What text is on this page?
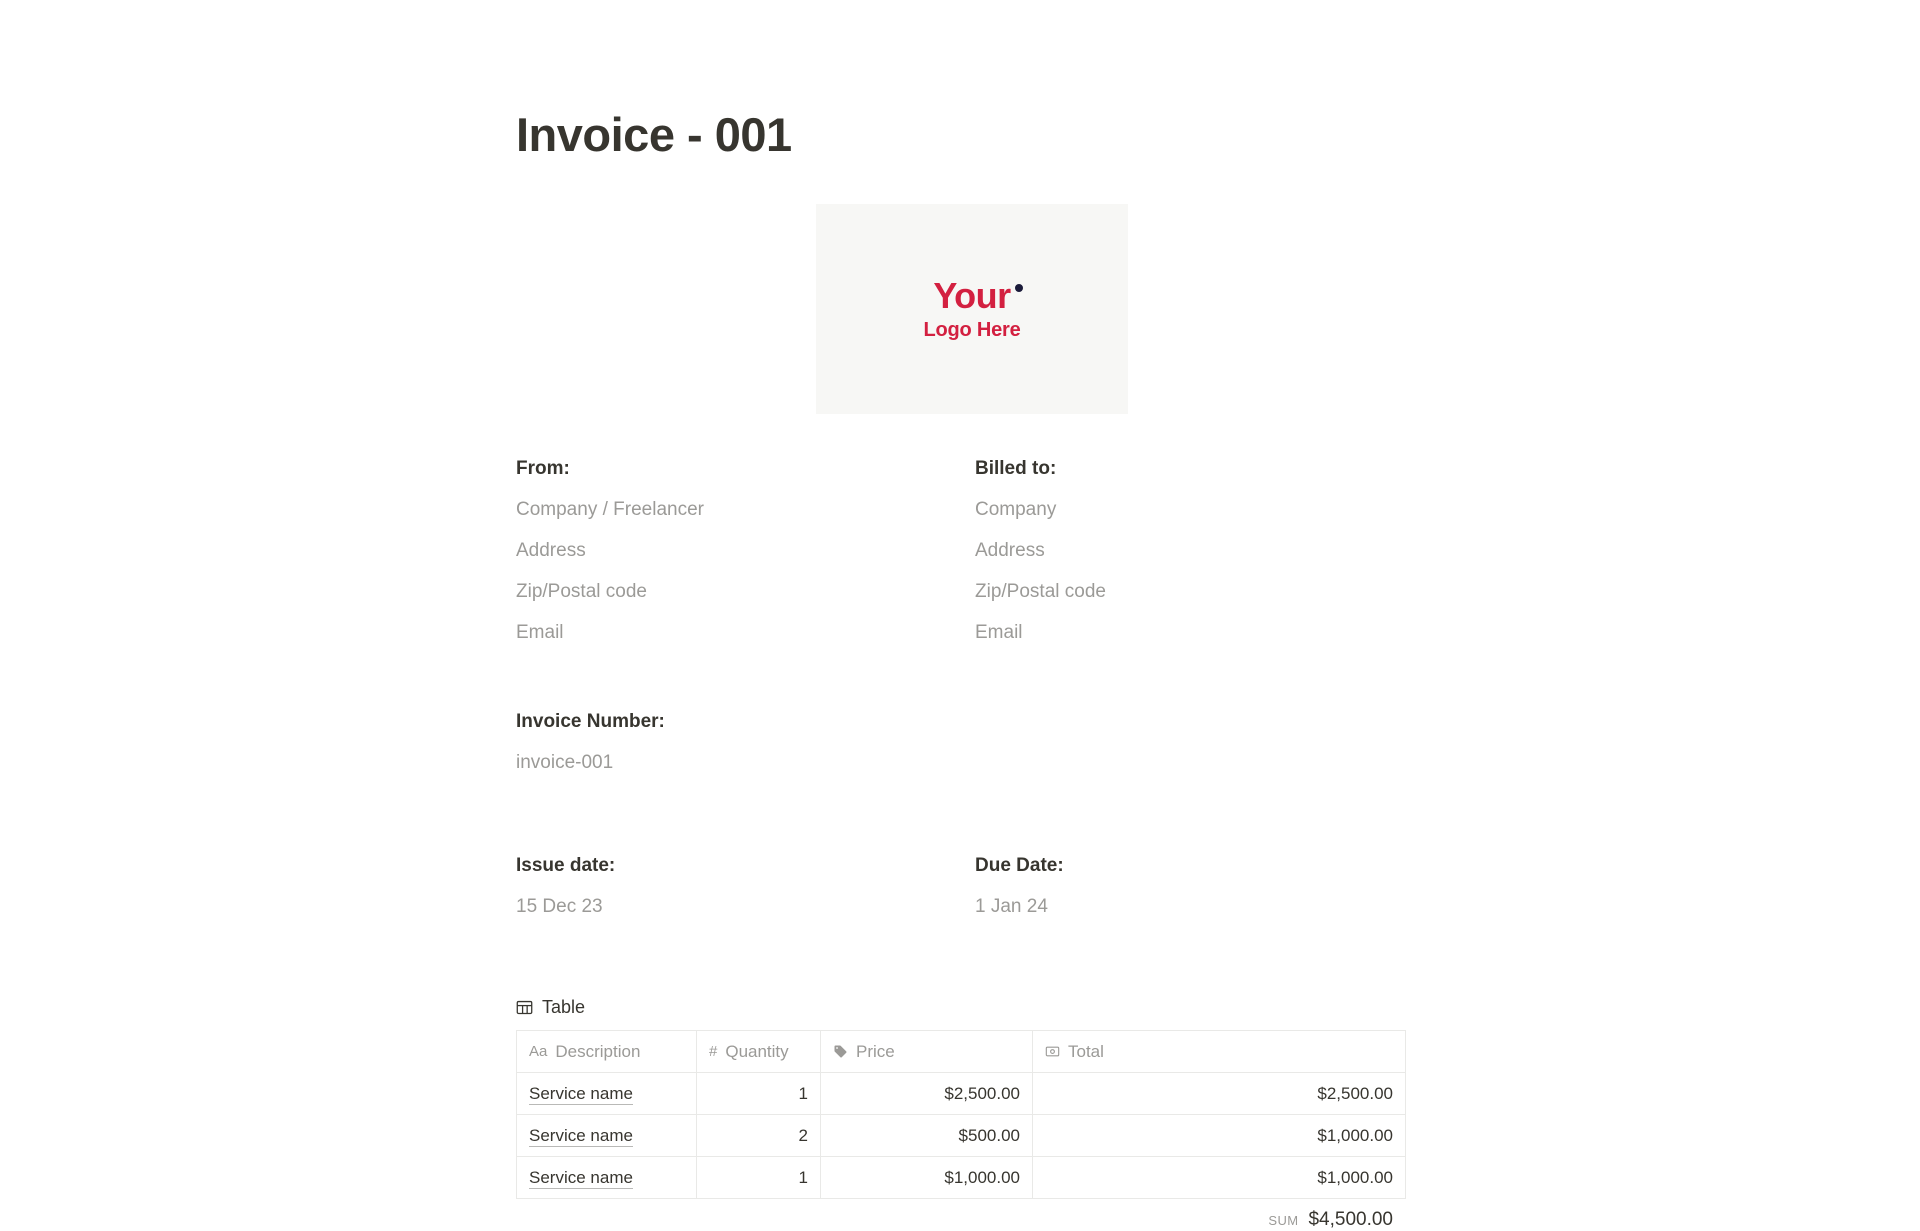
Invoice - 001
Your
Logo Here
From:
Company / Freelancer
Address
Zip/Postal code
Email
Billed to:
Company
Address
Zip/Postal code
Email
Invoice Number:
invoice-001
Issue date:
15 Dec 23
Due Date:
1 Jan 24
Table
Aa Description	# Quantity	Price	Total

Service name	1	$2,500.00	$2,500.00
Service name	2	$500.00	$1,000.00
Service name	1	$1,000.00	$1,000.00
SUM $4,500.00
